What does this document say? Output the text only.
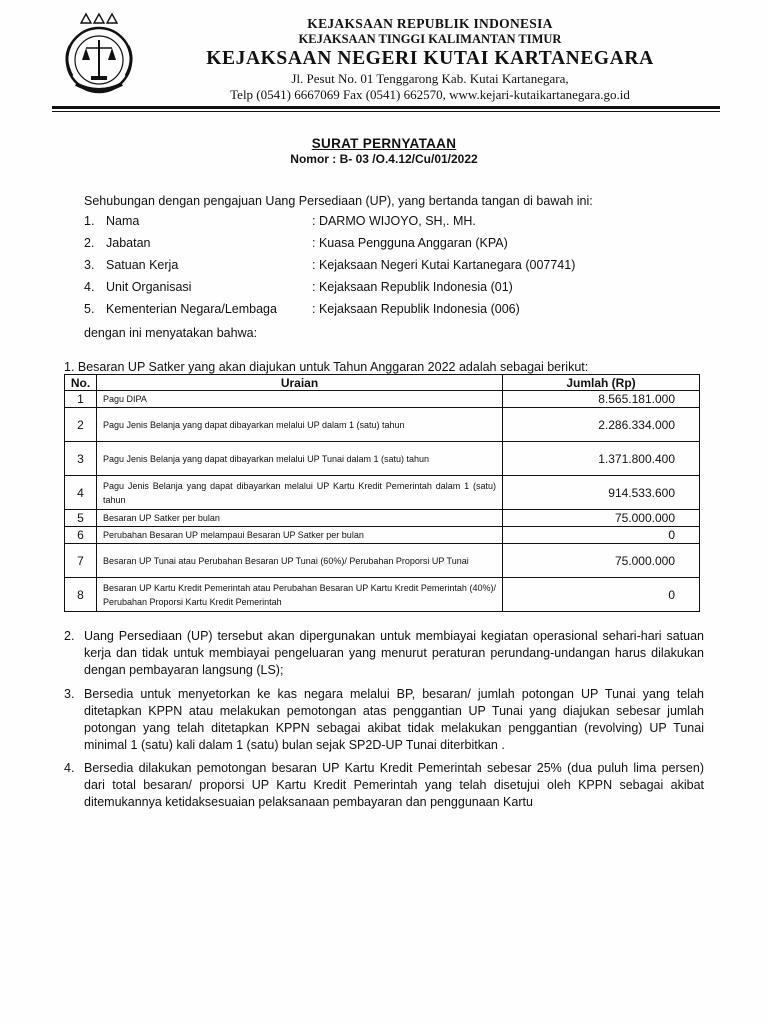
KEJAKSAAN REPUBLIK INDONESIA
KEJAKSAAN TINGGI KALIMANTAN TIMUR
KEJAKSAAN NEGERI KUTAI KARTANEGARA
Jl. Pesut No. 01 Tenggarong Kab. Kutai Kartanegara,
Telp (0541) 6667069 Fax (0541) 662570, www.kejari-kutaikartanegara.go.id
SURAT PERNYATAAN
Nomor : B- 03 /O.4.12/Cu/01/2022
Sehubungan dengan pengajuan Uang Persediaan (UP), yang bertanda tangan di bawah ini:
1. Nama	: DARMO WIJOYO, SH,. MH.
2. Jabatan	: Kuasa Pengguna Anggaran (KPA)
3. Satuan Kerja	: Kejaksaan Negeri Kutai Kartanegara (007741)
4. Unit Organisasi	: Kejaksaan Republik Indonesia (01)
5. Kementerian Negara/Lembaga	: Kejaksaan Republik Indonesia (006)
dengan ini menyatakan bahwa:
1. Besaran UP Satker yang akan diajukan untuk Tahun Anggaran 2022 adalah sebagai berikut:
No.	Uraian	Jumlah (Rp)
1	Pagu DIPA	8.565.181.000
2	Pagu Jenis Belanja yang dapat dibayarkan melalui UP dalam 1 (satu) tahun	2.286.334.000
3	Pagu Jenis Belanja yang dapat dibayarkan melalui UP Tunai dalam 1 (satu) tahun	1.371.800.400
4	Pagu Jenis Belanja yang dapat dibayarkan melalui UP Kartu Kredit Pemerintah dalam 1 (satu) tahun	914.533.600
5	Besaran UP Satker per bulan	75.000.000
6	Perubahan Besaran UP melampaui Besaran UP Satker per bulan	0
7	Besaran UP Tunai atau Perubahan Besaran UP Tunai (60%)/ Perubahan Proporsi UP Tunai	75.000.000
8	Besaran UP Kartu Kredit Pemerintah atau Perubahan Besaran UP Kartu Kredit Pemerintah (40%)/ Perubahan Proporsi Kartu Kredit Pemerintah	0
2. Uang Persediaan (UP) tersebut akan dipergunakan untuk membiayai kegiatan operasional sehari-hari satuan kerja dan tidak untuk membiayai pengeluaran yang menurut peraturan perundang-undangan harus dilakukan dengan pembayaran langsung (LS);
3. Bersedia untuk menyetorkan ke kas negara melalui BP, besaran/ jumlah potongan UP Tunai yang telah ditetapkan KPPN atau melakukan pemotongan atas penggantian UP Tunai yang diajukan sebesar jumlah potongan yang telah ditetapkan KPPN sebagai akibat tidak melakukan penggantian (revolving) UP Tunai minimal 1 (satu) kali dalam 1 (satu) bulan sejak SP2D-UP Tunai diterbitkan .
4. Bersedia dilakukan pemotongan besaran UP Kartu Kredit Pemerintah sebesar 25% (dua puluh lima persen) dari total besaran/ proporsi UP Kartu Kredit Pemerintah yang telah disetujui oleh KPPN sebagai akibat ditemukannya ketidaksesuaian pelaksanaan pembayaran dan penggunaan Kartu
